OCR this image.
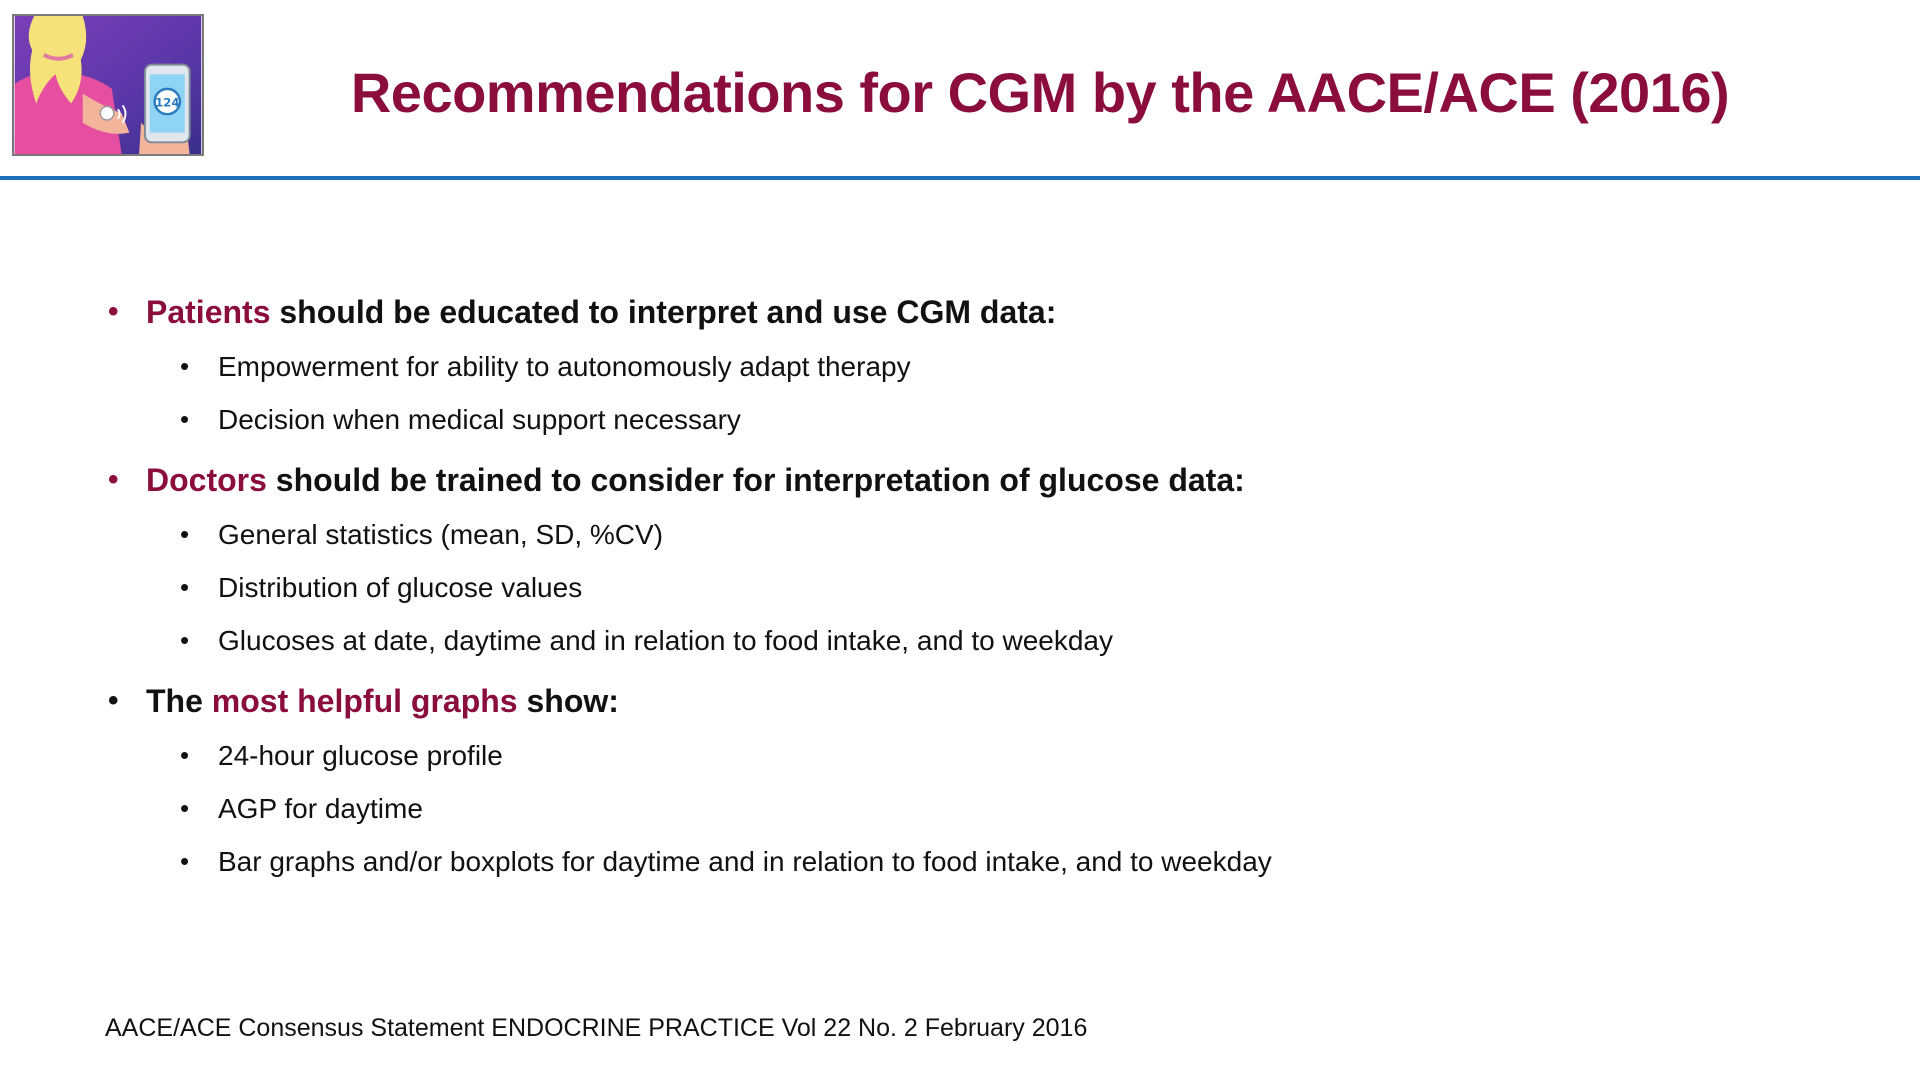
124	Recommendations for CGM by the AACE/ACE (2016)
• Patients should be educated to interpret and use CGM data:
• Empowerment for ability to autonomously adapt therapy
• Decision when medical support necessary
• Doctors should be trained to consider for interpretation of glucose data:
• General statistics (mean, SD, %CV)
• Distribution of glucose values
• Glucoses at date, daytime and in relation to food intake, and to weekday
• The most helpful graphs show:
• 24-hour glucose profile
• AGP for daytime
• Bar graphs and/or boxplots for daytime and in relation to food intake, and to weekday
AACE/ACE Consensus Statement ENDOCRINE PRACTICE Vol 22 No. 2 February 2016
